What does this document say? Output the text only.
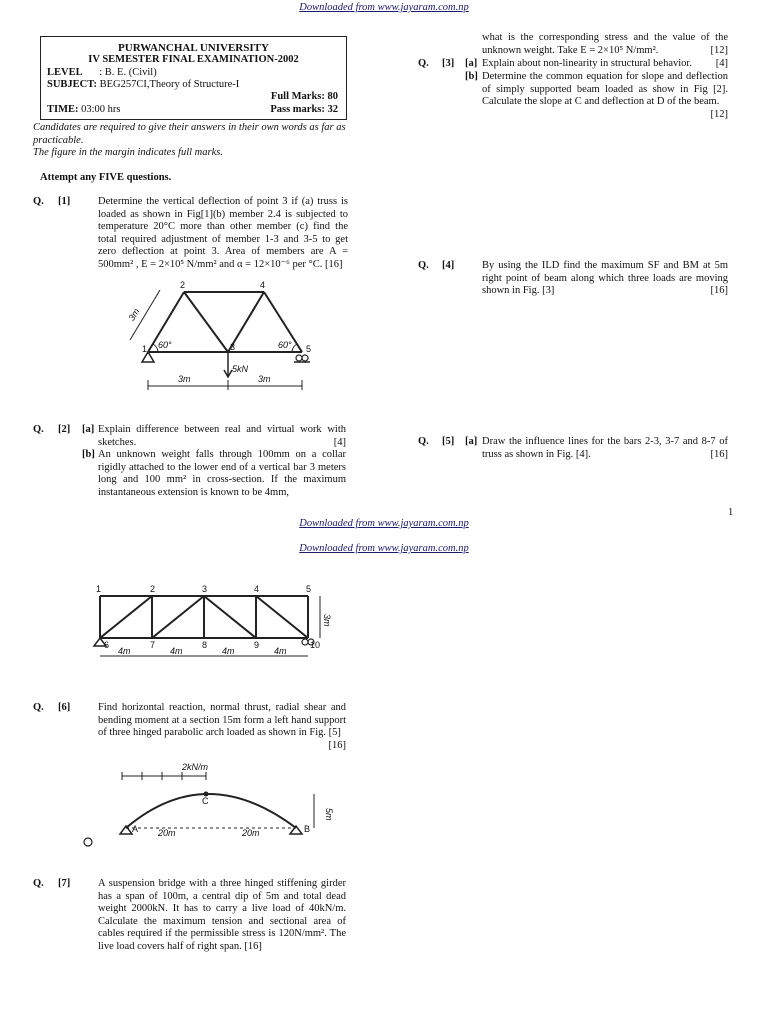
Downloaded from www.jayaram.com.np
PURWANCHAL UNIVERSITY
IV SEMESTER FINAL EXAMINATION-2002
LEVEL : B. E. (Civil)
SUBJECT: BEG257CI,Theory of Structure-I
Full Marks: 80
TIME: 03:00 hrs	Pass marks: 32
Candidates are required to give their answers in their own words as far as practicable.
The figure in the margin indicates full marks.
Attempt any FIVE questions.
Q. [1]	Determine the vertical deflection of point 3 if (a) truss is loaded as shown in Fig[1](b) member 2.4 is subjected to temperature 20°C more than other member (c) find the total required adjustment of member 1-3 and 3-5 to get zero deflection at point 3. Area of members are A = 500mm² , E = 2×10⁵ N/mm² and α = 12×10⁻⁶ per °C. [16]
1
2
3
4
5
60°	60°
3m
5kN
3m	3m
Q. [2] [a] Explain difference between real and virtual work with sketches.	[4]
[b] An unknown weight falls through 100mm on a collar rigidly attached to the lower end of a vertical bar 3 meters long and 100 mm² in cross-section. If the maximum instantaneous extension is known to be 4mm,
what is the corresponding stress and the value of the unknown weight. Take E = 2×10⁵ N/mm².	[12]
Q. [3] [a] Explain about non-linearity in structural behavior. [4]
[b] Determine the common equation for slope and deflection of simply supported beam loaded as show in Fig [2]. Calculate the slope at C and deflection at D of the beam.
[12]
Q. [4]	By using the ILD find the maximum SF and BM at 5m right point of beam along which three loads are moving shown in Fig. [3]	[16]
Q. [5] [a] Draw the influence lines for the bars 2-3, 3-7 and 8-7 of truss as shown in Fig. [4].	[16]
1
Downloaded from www.jayaram.com.np
Downloaded from www.jayaram.com.np
1	2	3	4	5
6	7	8	9	10
4m	4m	4m	4m
3m
Q. [6]	Find horizontal reaction, normal thrust, radial shear and bending moment at a section 15m form a left hand support of three hinged parabolic arch loaded as shown in Fig. [5]
[16]
2kN/m
A
C
B
20m	20m
5m
Q. [7]	A suspension bridge with a three hinged stiffening girder has a span of 100m, a central dip of 5m and total dead weight 2000kN. It has to carry a live load of 40kN/m. Calculate the maximum tension and sectional area of cables required if the permissible stress is 120N/mm². The live load covers half of right span. [16]
